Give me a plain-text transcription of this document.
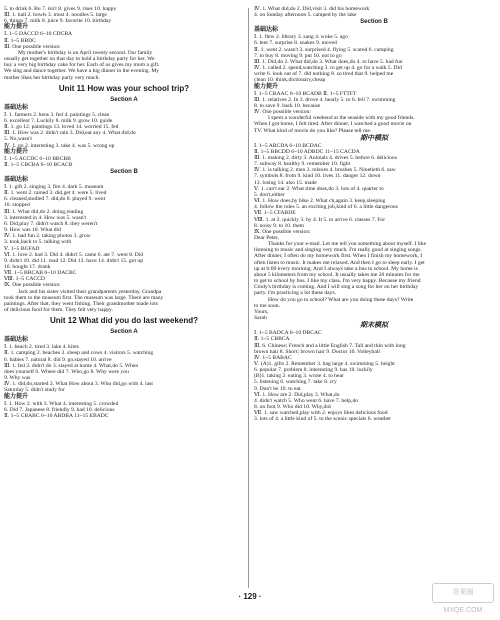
5. to drink 6. Bu 7. isn't 8. gives 9. rises 10. happy
Ⅲ. 1. ball 2. bowls 3. most 4. noodles 5. large
6. things 7. milk 8. juice 9. favorite 10. birthday
能力提升
Ⅰ. 1~5 DACCD 6~10 CDCBA
Ⅱ. 1~5 BBDC
Ⅲ. One possible version:
My mother's birthday is on April twenty second. Our family
usually get together on that day to hold a birthday party for her. We
buy a very big birthday cake for her. Each of us gives my mum a gift.
We sing and dance together. We have a big dinner in the evening. My
mother likes her birthday party very much.
Unit 11 How was your school trip?
Section A
基础达标
Ⅰ. 1. farmers 2. hens 3. fed 4. paintings 5. clean
6. excellent 7. Luckily 8. milk 9. grow 10. guide
Ⅱ. 1. go 12. paintings 13. loved 14. worried 15. fed
Ⅲ. 1. How was 2. didn't rain 3. Did,eat any 4. What did,do
5. No,wasn't
Ⅳ. 1. go 2. interesting 3. take 4. was 5. wrong up
能力提升
Ⅰ. 1~5 ACCDC 6~10 BBCBB
Ⅱ. 1~5 CBCBA 6~10 BCACB
Section B
基础达标
Ⅰ. 1. gift 2. singing 3. fire 4. dark 5. museum
Ⅱ. 1. went 2. rained 3. did,get 4. were 5. lived
6. cleaned,studied 7. did,do 8. played 9. went
10. stopped
Ⅲ. 1. What did,do 2. doing,reading
3. interested in 4. How was 5. wasn't
6. Did,play 7. didn't watch 8. they weren't
9. How was 10. What did
Ⅳ. 1. had fun 2. taking photos 3. grow
3. took,back to 5. talking with
Ⅴ. 1~5 BGFAD
Ⅵ. 1. love 2. had 3. Did 4. didn't 5. came 6. ate 7. went 8. Did
9. didn't 10. did 11. read 12. Did 13. have 14. didn't 15. got up
16. bought 17. drank
Ⅶ. 1~5 BBCAB 6~10 DACBC
Ⅷ. 1~5 CACCD
Ⅸ. One possible version:
Jack and his sister visited their grandparents yesterday. Grandpa
took them to the museum first. The museum was large. There are many
paintings. After that, they went fishing. Their grandmother made lots
of delicious food for them. They felt very happy.
Unit 12 What did you do last weekend?
Section A
基础达标
Ⅰ. 1. beach 2. tired 3. lake 4. kites
Ⅱ. 1. camping 2. beaches 3. sheep and cows 4. visitors 5. watching
6. babies 7. natural 8. did 9. go,stayed 10. arrive
Ⅲ. 1. fed 2. didn't do 3. stayed at home 4. What,do 5. When
does yourself 6. Where did 7. Who,go 8. Why were you
9. Why was
Ⅳ. 1. did,do,started 2. What How about 3. Who did,go with 4. last
Saturday 5. didn't study for
能力提升
Ⅰ. 1. How 2. with 3. What 4. interesting 5. crowded
6. Did 7. Japanese 8. friendly 9. had 10. delicious
Ⅱ. 1~5 CBABC 6~10 ABDBA 11~15 EBADC
Ⅳ. 1. What did,do 2. Did,visit 3. did his homework
4. on Sunday afternoon 5. camped by the lake
Section B
基础达标
Ⅰ. 1. flew 2. library 3. sang 4. woke 5. ago
6. tent 7. surprise 8. snakes 9. moved
Ⅱ. 1. went 2. wasn't 3. surprised 4. flying 5. scared 6. camping
7. to buy 8. moving 9. put 10. not to go
Ⅲ. 1. Did,do 2. What did,do 3. What does,do 4. to have 5. had fun
Ⅳ. 1. called 2. spend,watching 3. to get up 4. go for a walk 5. Did
write 6. look out of 7. did nothing 8. so tired that 9. helped me
clean 10. think,dictionary,cheap
能力提升
Ⅰ. 1~5 CBAAC 6~10 BCADB Ⅱ. 1~5 FTTFT
Ⅲ. 1. relatives 2. In 3. drove 4. hearly 5. to 6. fell 7. swimming
8. to save 9. back 10. because
Ⅳ. One possible version:
I spent a wonderful weekend at the seaside with my good friends.
When I got home, I felt tired. After dinner, I watched a good movie on
TV. What kind of movie do you like? Please tell me.
期中模拟
Ⅰ. 1~5 ABCDA 6~10 BCDAC
Ⅱ. 1~5 BBCDD 6~10 ADBDC 11~15 CACDA
Ⅲ. 1. making 2. dirty 3. Animals 4. drives 5. before 6. delicious
7. subway 8. healthy 9. remember 10. fight
Ⅳ. 1. is talking 2. men 3. relaxes 4. brushes 5. Ninetieth 6. saw
7. symbols 8. from 9. kind 10. lives 11. danger 12. down
13. losing 14. also 15. made
Ⅴ. 1. can't ear 2. What time does,do 3. lots of 4. quarter to
5. don't,either
Ⅵ. 1. How does,by bike 2. What ch,again 3. keep,sleeping
4. follow the rules 5. an exciting job,kind of 6. a little dangerous
Ⅶ. 1~5 CFABDE
Ⅷ. 1. at 2. quickly 3. by 4. It 5. to arrive 6. classes 7. For
8. noisy 9. to 10. them
Ⅸ. One possible version:
Dear Peter,
Thanks for your e-mail. Let me tell you something about myself. I like
listening to music and singing very much. I'm really good at singing songs.
After dinner, I often do my homework first. When I finish my homework, I
often listen to music. It makes me relaxed. And then I go to sleep early. I get
up at 6:00 every morning. And I always take a bus to school. My home is
about 5 kilometers from my school. It usually takes me 20 minutes for me
to get to school by bus. I like my class. I'm very happy. Because my friend
Cindy's birthday is coming. And I will sing a song for her on her birthday
party. I'm practicing a lot these days.
How do you go to school? What are you doing these days? Write
to me soon.
Yours,
Sarah
期末模拟
Ⅰ. 1~5 BADCA 6~10 DBCAC
Ⅱ. 1~5 CBBCA
Ⅲ. 6. Chinese; French and a little English 7. Tall and thin with long
brown hair 8. Short; brown hair 9. Doctor 10. Volleyball
Ⅳ. 1~5 BABAC
Ⅴ. (A)1. gifts 2. Remember 3. bag large 4. swimming 5. height
6. popular 7. problem 8. interesting 9. has 10. luckily
(B)1. taking 2. eating 3. wrote 4. to hear
5. listening 6. watching 7. take 8. cry
9. Don't be 10. to eat
Ⅵ. 1. How are 2. Did,play 3. What,do
4. didn't watch 5. Who went 6. have 7. help,do
8. on foot 9. Who did 10. Why,did
Ⅶ. 1. saw watched,play with 2. enjoys likes delicious food
3. lots of 4. a little kind of 5. to the scenic specials 6. weather
· 129 ·	答案圈 MXQE.COM
